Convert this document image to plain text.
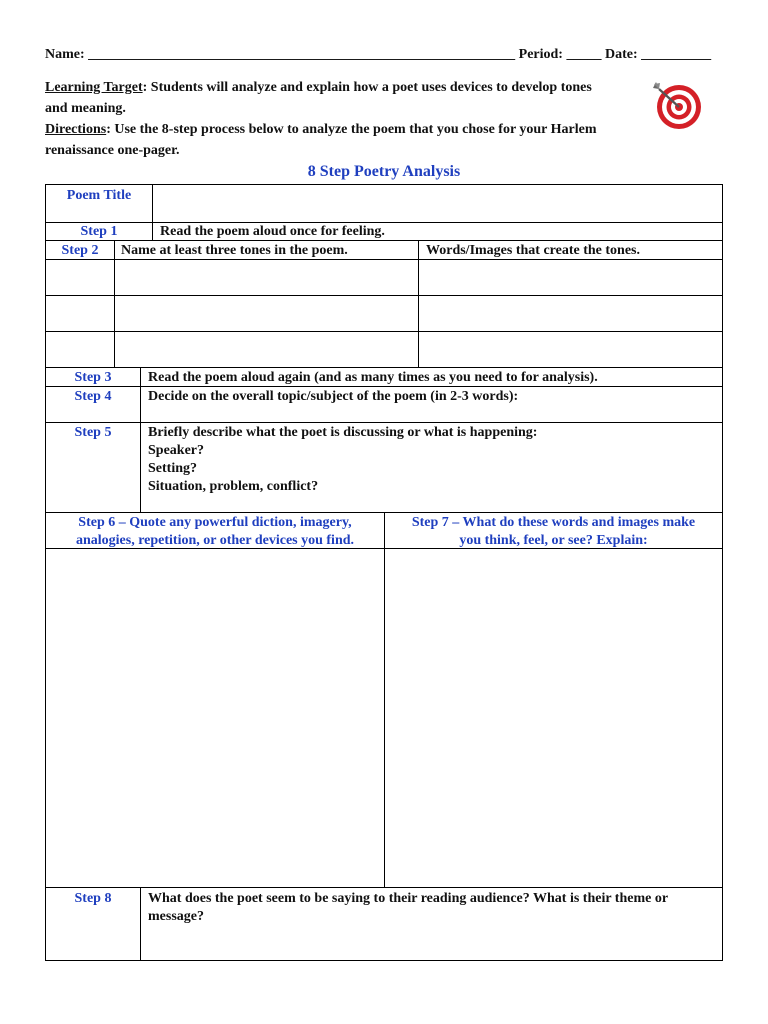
Name: _____________________________________________________________ Period: _____ Date: __________
Learning Target: Students will analyze and explain how a poet uses devices to develop tones
and meaning.
Directions: Use the 8-step process below to analyze the poem that you chose for your Harlem
renaissance one-pager.
8 Step Poetry Analysis
Poem Title
Step 1	Read the poem aloud once for feeling.
Step 2	Name at least three tones in the poem.	Words/Images that create the tones.
Step 3	Read the poem aloud again (and as many times as you need to for analysis).
Step 4	Decide on the overall topic/subject of the poem (in 2-3 words):
Step 5	Briefly describe what the poet is discussing or what is happening:
Speaker?
Setting?
Situation, problem, conflict?
Step 6 – Quote any powerful diction, imagery,
analogies, repetition, or other devices you find.
Step 7 – What do these words and images make
you think, feel, or see? Explain:
Step 8	What does the poet seem to be saying to their reading audience? What is their theme or
message?
